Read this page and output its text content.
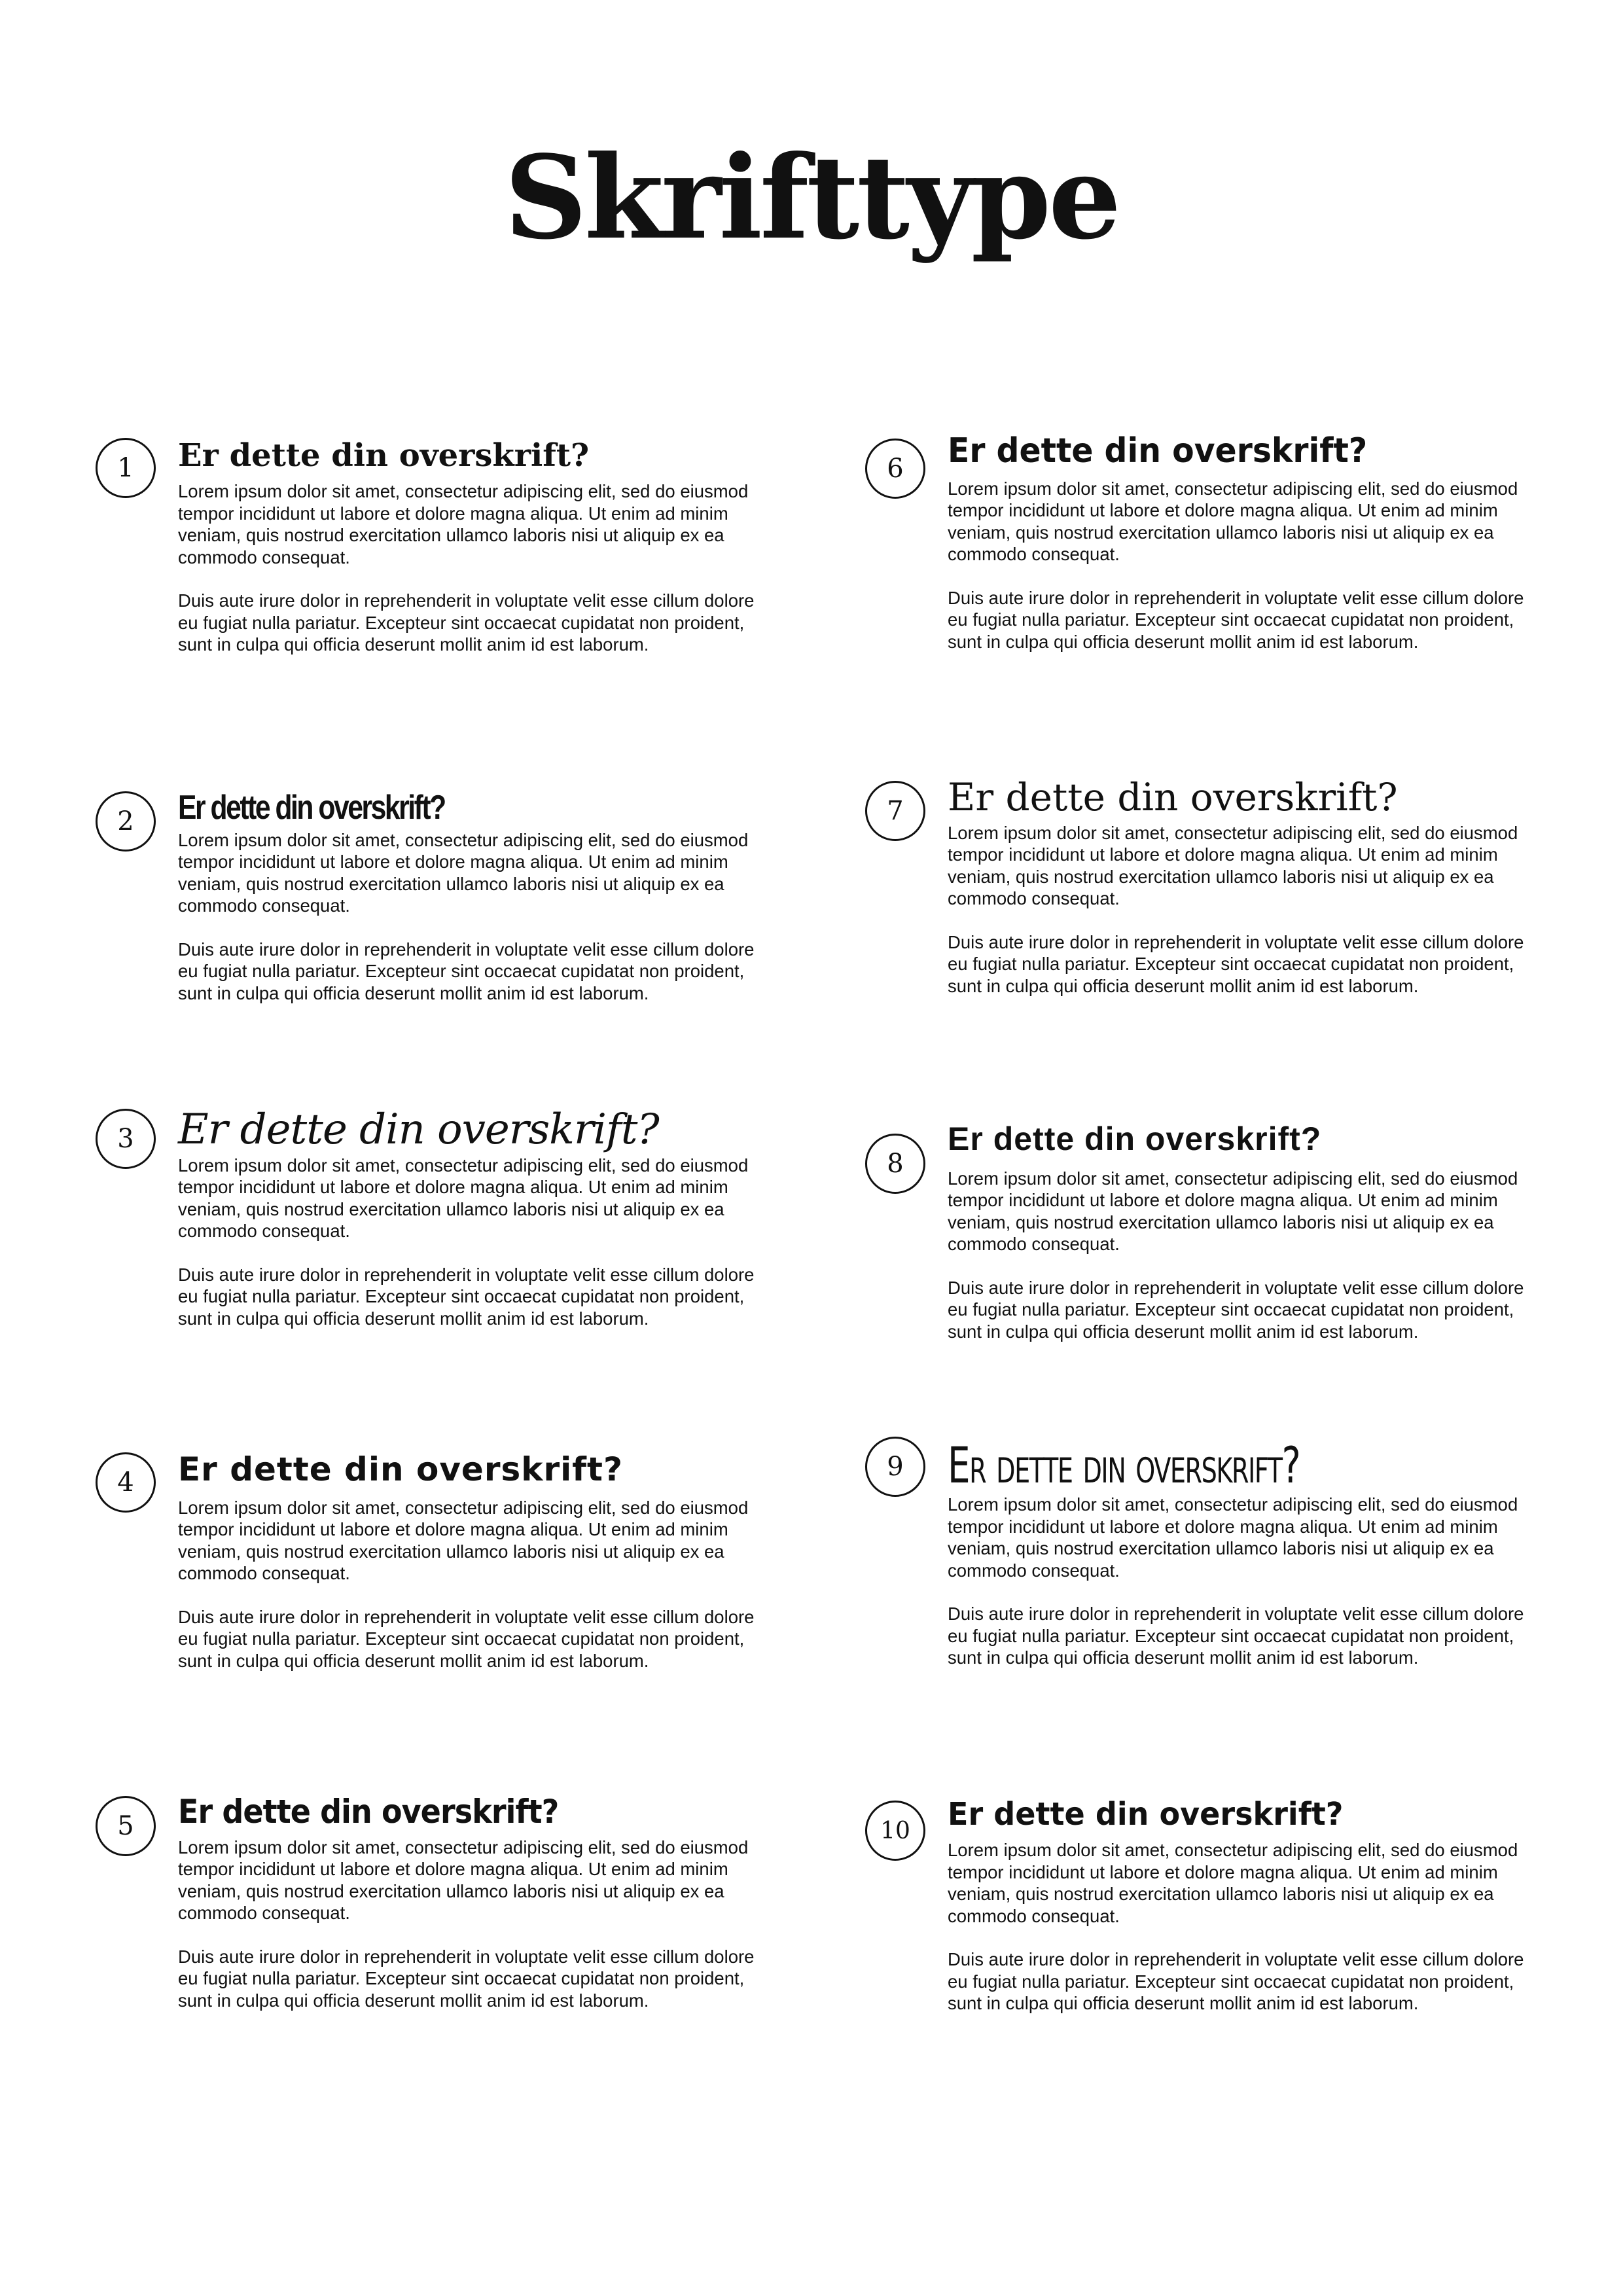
Skrifttype
1	Er dette din overskrift?

Lorem ipsum dolor sit amet, consectetur adipiscing elit, sed do eiusmod tempor incididunt ut labore et dolore magna aliqua. Ut enim ad minim veniam, quis nostrud exercitation ullamco laboris nisi ut aliquip ex ea commodo consequat.

Duis aute irure dolor in reprehenderit in voluptate velit esse cillum dolore eu fugiat nulla pariatur. Excepteur sint occaecat cupidatat non proident, sunt in culpa qui officia deserunt mollit anim id est laborum.

2	Er dette din overskrift?

Lorem ipsum dolor sit amet, consectetur adipiscing elit, sed do eiusmod tempor incididunt ut labore et dolore magna aliqua. Ut enim ad minim veniam, quis nostrud exercitation ullamco laboris nisi ut aliquip ex ea commodo consequat.

Duis aute irure dolor in reprehenderit in voluptate velit esse cillum dolore eu fugiat nulla pariatur. Excepteur sint occaecat cupidatat non proident, sunt in culpa qui officia deserunt mollit anim id est laborum.

3	Er dette din overskrift?

Lorem ipsum dolor sit amet, consectetur adipiscing elit, sed do eiusmod tempor incididunt ut labore et dolore magna aliqua. Ut enim ad minim veniam, quis nostrud exercitation ullamco laboris nisi ut aliquip ex ea commodo consequat.

Duis aute irure dolor in reprehenderit in voluptate velit esse cillum dolore eu fugiat nulla pariatur. Excepteur sint occaecat cupidatat non proident, sunt in culpa qui officia deserunt mollit anim id est laborum.

4	Er dette din overskrift?

Lorem ipsum dolor sit amet, consectetur adipiscing elit, sed do eiusmod tempor incididunt ut labore et dolore magna aliqua. Ut enim ad minim veniam, quis nostrud exercitation ullamco laboris nisi ut aliquip ex ea commodo consequat.

Duis aute irure dolor in reprehenderit in voluptate velit esse cillum dolore eu fugiat nulla pariatur. Excepteur sint occaecat cupidatat non proident, sunt in culpa qui officia deserunt mollit anim id est laborum.

5	Er dette din overskrift?

Lorem ipsum dolor sit amet, consectetur adipiscing elit, sed do eiusmod tempor incididunt ut labore et dolore magna aliqua. Ut enim ad minim veniam, quis nostrud exercitation ullamco laboris nisi ut aliquip ex ea commodo consequat.

Duis aute irure dolor in reprehenderit in voluptate velit esse cillum dolore eu fugiat nulla pariatur. Excepteur sint occaecat cupidatat non proident, sunt in culpa qui officia deserunt mollit anim id est laborum.

6	Er dette din overskrift?

Lorem ipsum dolor sit amet, consectetur adipiscing elit, sed do eiusmod tempor incididunt ut labore et dolore magna aliqua. Ut enim ad minim veniam, quis nostrud exercitation ullamco laboris nisi ut aliquip ex ea commodo consequat.

Duis aute irure dolor in reprehenderit in voluptate velit esse cillum dolore eu fugiat nulla pariatur. Excepteur sint occaecat cupidatat non proident, sunt in culpa qui officia deserunt mollit anim id est laborum.

7	Er dette din overskrift?

Lorem ipsum dolor sit amet, consectetur adipiscing elit, sed do eiusmod tempor incididunt ut labore et dolore magna aliqua. Ut enim ad minim veniam, quis nostrud exercitation ullamco laboris nisi ut aliquip ex ea commodo consequat.

Duis aute irure dolor in reprehenderit in voluptate velit esse cillum dolore eu fugiat nulla pariatur. Excepteur sint occaecat cupidatat non proident, sunt in culpa qui officia deserunt mollit anim id est laborum.

8
Er dette din overskrift?

Lorem ipsum dolor sit amet, consectetur adipiscing elit, sed do eiusmod tempor incididunt ut labore et dolore magna aliqua. Ut enim ad minim veniam, quis nostrud exercitation ullamco laboris nisi ut aliquip ex ea commodo consequat.

Duis aute irure dolor in reprehenderit in voluptate velit esse cillum dolore eu fugiat nulla pariatur. Excepteur sint occaecat cupidatat non proident, sunt in culpa qui officia deserunt mollit anim id est laborum.

9 Er dette din overskrift?

Lorem ipsum dolor sit amet, consectetur adipiscing elit, sed do eiusmod tempor incididunt ut labore et dolore magna aliqua. Ut enim ad minim veniam, quis nostrud exercitation ullamco laboris nisi ut aliquip ex ea commodo consequat.

Duis aute irure dolor in reprehenderit in voluptate velit esse cillum dolore eu fugiat nulla pariatur. Excepteur sint occaecat cupidatat non proident, sunt in culpa qui officia deserunt mollit anim id est laborum.

10	Er dette din overskrift?

Lorem ipsum dolor sit amet, consectetur adipiscing elit, sed do eiusmod tempor incididunt ut labore et dolore magna aliqua. Ut enim ad minim veniam, quis nostrud exercitation ullamco laboris nisi ut aliquip ex ea commodo consequat.

Duis aute irure dolor in reprehenderit in voluptate velit esse cillum dolore eu fugiat nulla pariatur. Excepteur sint occaecat cupidatat non proident, sunt in culpa qui officia deserunt mollit anim id est laborum.
